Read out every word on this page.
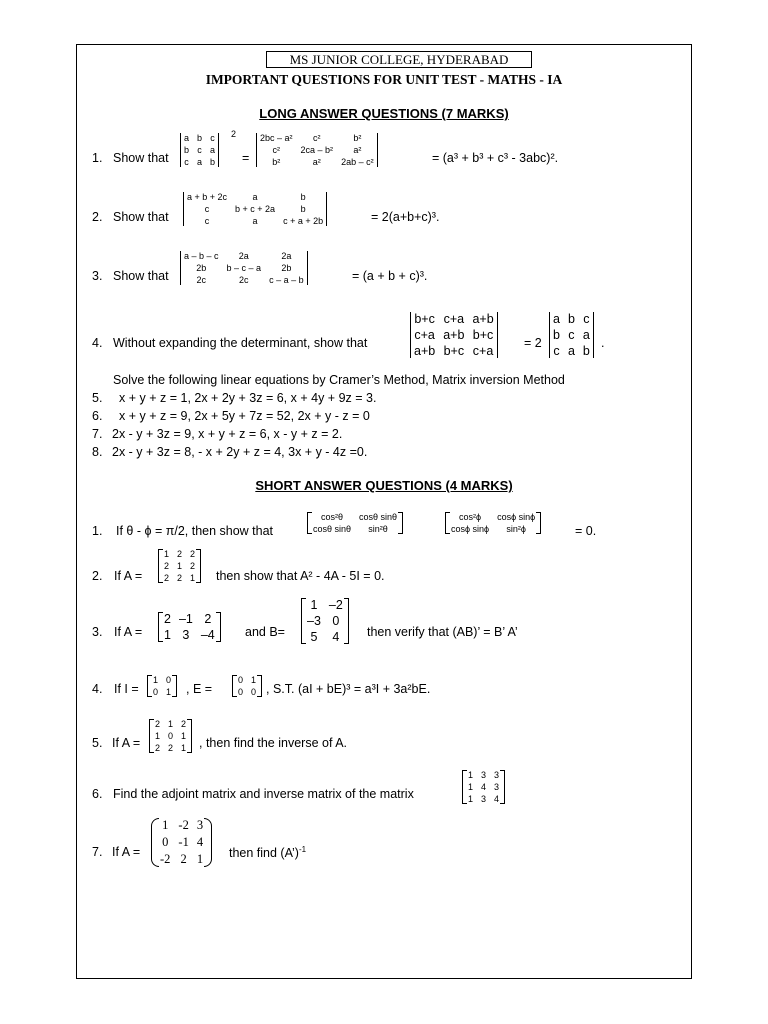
MS JUNIOR COLLEGE, HYDERABAD
IMPORTANT QUESTIONS FOR UNIT TEST - MATHS - IA
LONG ANSWER QUESTIONS (7 MARKS)
1. Show that
a b c
b c a
c a b
2
=
2bc – a² c²	b²
c² 2ca – b² a²
b²	a² 2ab – c²	= (a³ + b³ + c³ - 3abc)².
2. Show that
a + b + 2c	a	b
c	b + c + 2a	b
c	a	c + a + 2b	= 2(a+b+c)³.
3. Show that
a – b – c 2a	2a
2b b – c – a 2b
2c	2c c – a – b	= (a + b + c)³.
4. Without expanding the determinant, show that
b+c c+a a+b
c+a a+b b+c
a+b b+c c+a
= 2
a b c
b c a
c a b
.
Solve the following linear equations by Cramer’s Method, Matrix inversion Method
5. x + y + z = 1, 2x + 2y + 3z = 6, x + 4y + 9z = 3.
6. x + y + z = 9, 2x + 5y + 7z = 52, 2x + y - z = 0
7. 2x - y + 3z = 9, x + y + z = 6, x - y + z = 2.
8. 2x - y + 3z = 8, - x + 2y + z = 4, 3x + y - 4z =0.
SHORT ANSWER QUESTIONS (4 MARKS)
1. If θ - ϕ = π/2, then show that
cos²θ cosθ sinθ
cosθ sinθ sin²θ
cos²ϕ cosϕ sinϕ
cosϕ sinϕ sin²ϕ	= 0.
2. If A =
1 2 2
2 1 2
2 2 1 then show that A² - 4A - 5I = 0.
3. If A =
2 –1 2
1 3 –4 and B=
1 –2
–3 0
5 4 then verify that (AB)’ = B’ A’
4. If I =
1 0
0 1 , E =
0 1
0 0 , S.T. (aI + bE)³ = a³I + 3a²bE.
5. If A =
2 1 2
1 0 1
2 2 1 , then find the inverse of A.
6. Find the adjoint matrix and inverse matrix of the matrix
1 3 3
1 4 3
1 3 4
7. If A =
1 -2 3
0 -1 4
-2 2 1 then find (A’)$^{-1}$
